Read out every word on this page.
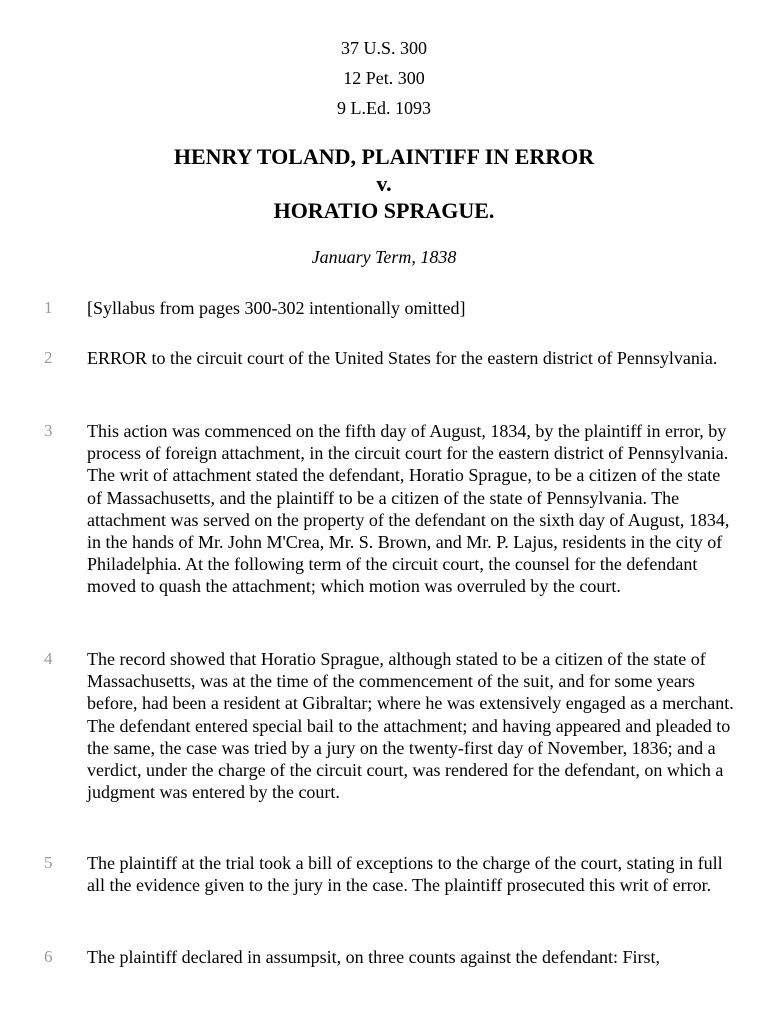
37 U.S. 300
12 Pet. 300
9 L.Ed. 1093
HENRY TOLAND, PLAINTIFF IN ERROR
v.
HORATIO SPRAGUE.
January Term, 1838
1 [Syllabus from pages 300-302 intentionally omitted]
2 ERROR to the circuit court of the United States for the eastern district of Pennsylvania.
3 This action was commenced on the fifth day of August, 1834, by the plaintiff in error, by process of foreign attachment, in the circuit court for the eastern district of Pennsylvania. The writ of attachment stated the defendant, Horatio Sprague, to be a citizen of the state of Massachusetts, and the plaintiff to be a citizen of the state of Pennsylvania. The attachment was served on the property of the defendant on the sixth day of August, 1834, in the hands of Mr. John M'Crea, Mr. S. Brown, and Mr. P. Lajus, residents in the city of Philadelphia. At the following term of the circuit court, the counsel for the defendant moved to quash the attachment; which motion was overruled by the court.
4 The record showed that Horatio Sprague, although stated to be a citizen of the state of Massachusetts, was at the time of the commencement of the suit, and for some years before, had been a resident at Gibraltar; where he was extensively engaged as a merchant. The defendant entered special bail to the attachment; and having appeared and pleaded to the same, the case was tried by a jury on the twenty-first day of November, 1836; and a verdict, under the charge of the circuit court, was rendered for the defendant, on which a judgment was entered by the court.
5 The plaintiff at the trial took a bill of exceptions to the charge of the court, stating in full all the evidence given to the jury in the case. The plaintiff prosecuted this writ of error.
6 The plaintiff declared in assumpsit, on three counts against the defendant: First,
